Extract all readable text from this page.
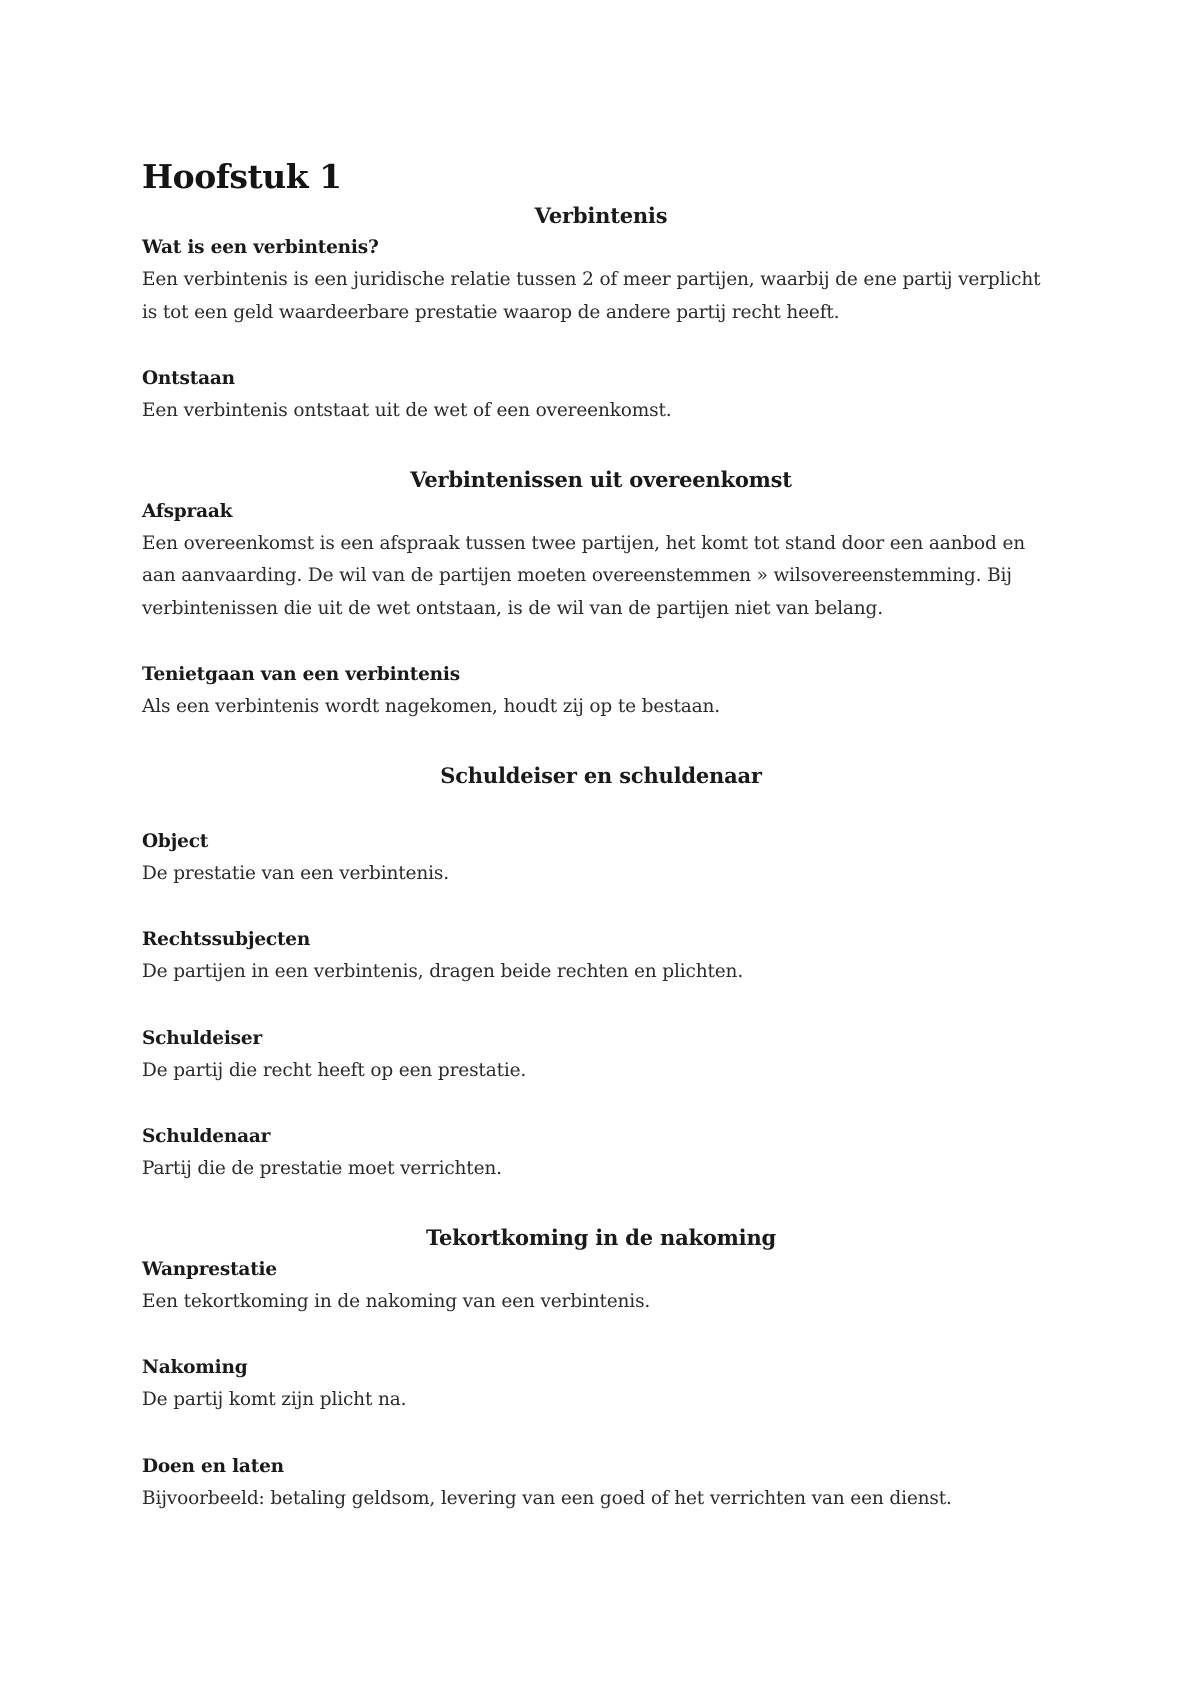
Hoofstuk 1
Verbintenis

Wat is een verbintenis?

Een verbintenis is een juridische relatie tussen 2 of meer partijen, waarbij de ene partij verplicht is tot een geld waardeerbare prestatie waarop de andere partij recht heeft.

Ontstaan

Een verbintenis ontstaat uit de wet of een overeenkomst.

Verbintenissen uit overeenkomst

Afspraak

Een overeenkomst is een afspraak tussen twee partijen, het komt tot stand door een aanbod en aan aanvaarding. De wil van de partijen moeten overeenstemmen » wilsovereenstemming. Bij verbintenissen die uit de wet ontstaan, is de wil van de partijen niet van belang.

Tenietgaan van een verbintenis

Als een verbintenis wordt nagekomen, houdt zij op te bestaan.

Schuldeiser en schuldenaar

Object

De prestatie van een verbintenis.

Rechtssubjecten

De partijen in een verbintenis, dragen beide rechten en plichten.

Schuldeiser

De partij die recht heeft op een prestatie.

Schuldenaar

Partij die de prestatie moet verrichten.

Tekortkoming in de nakoming

Wanprestatie

Een tekortkoming in de nakoming van een verbintenis.

Nakoming

De partij komt zijn plicht na.

Doen en laten

Bijvoorbeeld: betaling geldsom, levering van een goed of het verrichten van een dienst.
